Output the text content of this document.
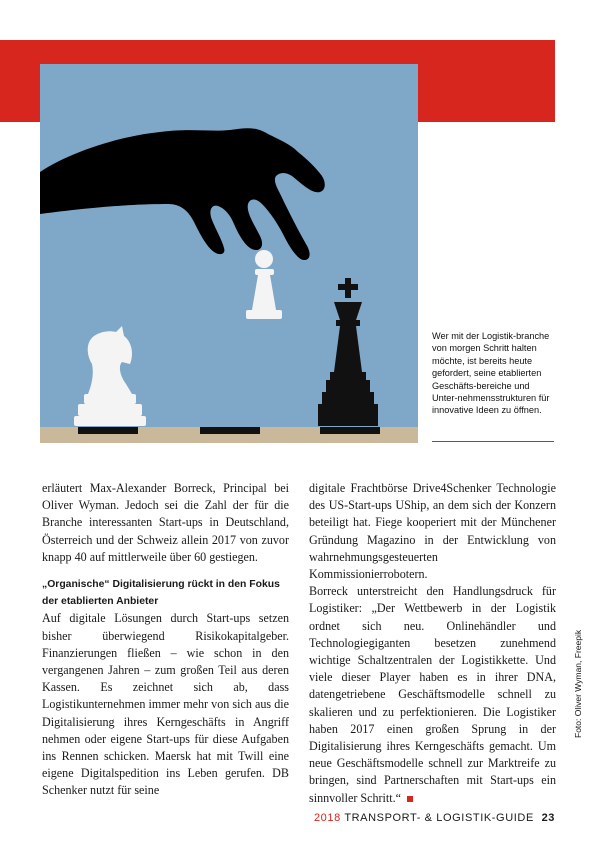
Wer mit der Logistik-branche von morgen Schritt halten möchte, ist bereits heute gefordert, seine etablierten Geschäfts-bereiche und Unter-nehmensstrukturen für innovative Ideen zu öffnen.

erläutert Max-Alexander Borreck, Principal bei Oliver Wyman. Jedoch sei die Zahl der für die Branche interessanten Start-ups in Deutschland, Österreich und der Schweiz allein 2017 von zuvor knapp 40 auf mittlerweile über 60 gestiegen.

„Organische“ Digitalisierung rückt in den Fokus der etablierten Anbieter

Auf digitale Lösungen durch Start-ups setzen bisher überwiegend Risikokapitalgeber. Finanzierungen fließen – wie schon in den vergangenen Jahren – zum großen Teil aus deren Kassen. Es zeichnet sich ab, dass Logistikunternehmen immer mehr von sich aus die Digitalisierung ihres Kerngeschäfts in Angriff nehmen oder eigene Start-ups für diese Aufgaben ins Rennen schicken. Maersk hat mit Twill eine eigene Digitalspedition ins Leben gerufen. DB Schenker nutzt für seine

digitale Frachtbörse Drive4Schenker Technologie des US-Start-ups UShip, an dem sich der Konzern beteiligt hat. Fiege kooperiert mit der Münchener Gründung Magazino in der Entwicklung von wahrnehmungsgesteuerten Kommissionierrobotern.

Borreck unterstreicht den Handlungsdruck für Logistiker: „Der Wettbewerb in der Logistik ordnet sich neu. Onlinehändler und Technologiegiganten besetzen zunehmend wichtige Schaltzentralen der Logistikkette. Und viele dieser Player haben es in ihrer DNA, datengetriebene Geschäftsmodelle schnell zu skalieren und zu perfektionieren. Die Logistiker haben 2017 einen großen Sprung in der Digitalisierung ihres Kerngeschäfts gemacht. Um neue Geschäftsmodelle schnell zur Marktreife zu bringen, sind Partnerschaften mit Start-ups ein sinnvoller Schritt.“

Foto: Oliver Wyman, Freepik
2018 TRANSPORT- & LOGISTIK-GUIDE 23
